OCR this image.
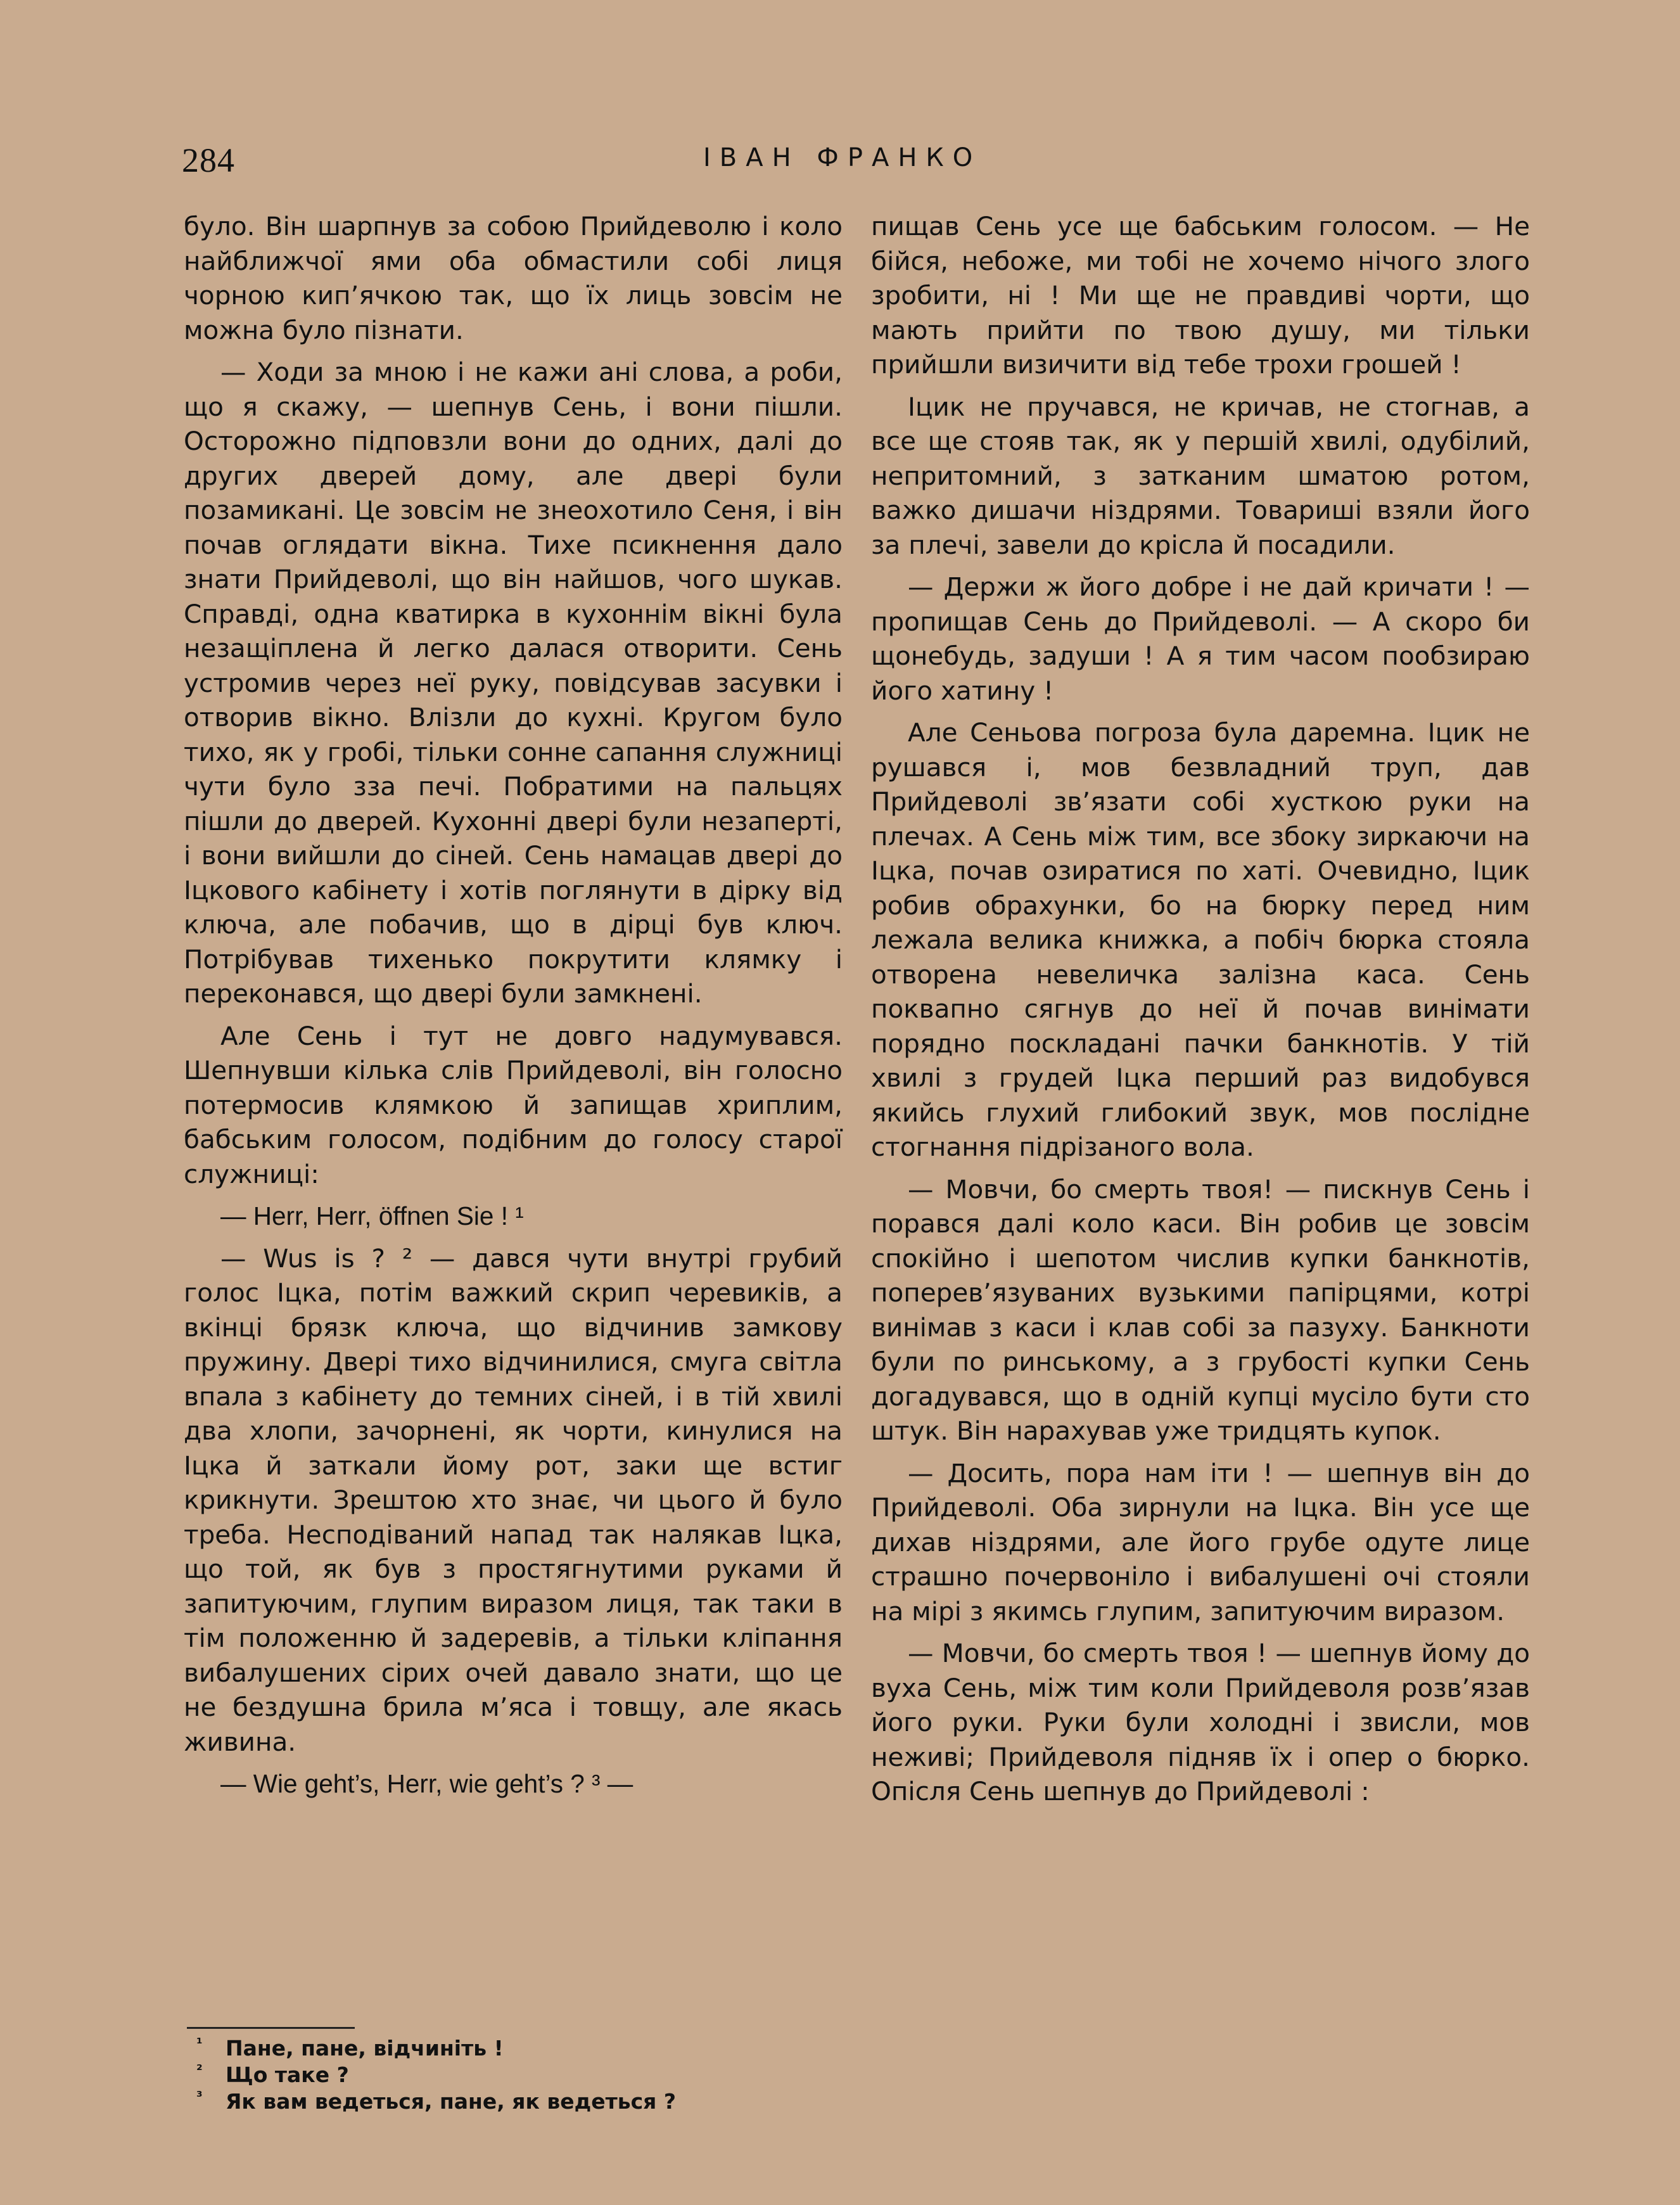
284	ІВАН ФРАНКО

було. Він шарпнув за собою Прийдеволю і коло найближчої ями оба обмастили собі лиця чорною кип’ячкою так, що їх лиць зовсім не можна було пізнати.

— Ходи за мною і не кажи ані слова, а роби, що я скажу, — шепнув Сень, і вони пішли. Осторожно підповзли вони до одних, далі до других дверей дому, але двері були позамикані. Це зовсім не знеохотило Сеня, і він почав оглядати вікна. Тихе псикнення дало знати Прийдеволі, що він найшов, чого шукав. Справді, одна кватирка в кухоннім вікні була незащіплена й легко далася отворити. Сень устромив через неї руку, повідсував засувки і отворив вікно. Влізли до кухні. Кругом було тихо, як у гробі, тільки сонне сапання служниці чути було зза печі. Побратими на пальцях пішли до дверей. Кухонні двері були незаперті, і вони вийшли до сіней. Сень намацав двері до Іцкового кабінету і хотів поглянути в дірку від ключа, але побачив, що в дірці був ключ. Потрібував тихенько покрутити клямку і переконався, що двері були замкнені.

Але Сень і тут не довго надумувався. Шепнувши кілька слів Прийдеволі, він голосно потермосив клямкою й запищав хриплим, бабським голосом, подібним до голосу старої служниці:

— Herr, Herr, öffnen Sie ! ¹

— Wus is ? ² — дався чути внутрі грубий голос Іцка, потім важкий скрип черевиків, а вкінці брязк ключа, що відчинив замкову пружину. Двері тихо відчинилися, смуга світла впала з кабінету до темних сіней, і в тій хвилі два хлопи, зачорнені, як чорти, кинулися на Іцка й заткали йому рот, заки ще встиг крикнути. Зрештою хто знає, чи цього й було треба. Несподіваний напад так налякав Іцка, що той, як був з простягнутими руками й запитуючим, глупим виразом лиця, так таки в тім положенню й задеревів, а тільки кліпання вибалушених сірих очей давало знати, що це не бездушна брила м’яса і товщу, але якась живина.

— Wie geht’s, Herr, wie geht’s ? ³ —

пищав Сень усе ще бабським голосом. — Не бійся, небоже, ми тобі не хочемо нічого злого зробити, ні ! Ми ще не правдиві чорти, що мають прийти по твою душу, ми тільки прийшли визичити від тебе трохи грошей !

Іцик не пручався, не кричав, не стогнав, а все ще стояв так, як у першій хвилі, одубілий, непритомний, з затканим шматою ротом, важко дишачи ніздрями. Товариші взяли його за плечі, завели до крісла й посадили.

— Держи ж його добре і не дай кричати ! — пропищав Сень до Прийдеволі. — А скоро би щонебудь, задуши ! А я тим часом пообзираю його хатину !

Але Сеньова погроза була даремна. Іцик не рушався і, мов безвладний труп, дав Прийдеволі зв’язати собі хусткою руки на плечах. А Сень між тим, все збоку зиркаючи на Іцка, почав озиратися по хаті. Очевидно, Іцик робив обрахунки, бо на бюрку перед ним лежала велика книжка, а побіч бюрка стояла отворена невеличка залізна каса. Сень поквапно сягнув до неї й почав винімати порядно поскладані пачки банкнотів. У тій хвилі з грудей Іцка перший раз видобувся якийсь глухий глибокий звук, мов послідне стогнання підрізаного вола.

— Мовчи, бо смерть твоя! — пискнув Сень і порався далі коло каси. Він робив це зовсім спокійно і шепотом числив купки банкнотів, поперев’язуваних вузькими папірцями, котрі винімав з каси і клав собі за пазуху. Банкноти були по ринському, а з грубості купки Сень догадувався, що в одній купці мусіло бути сто штук. Він нарахував уже тридцять купок.

— Досить, пора нам іти ! — шепнув він до Прийдеволі. Оба зирнули на Іцка. Він усе ще дихав ніздрями, але його грубе одуте лице страшно почервоніло і вибалушені очі стояли на мірі з якимсь глупим, запитуючим виразом.

— Мовчи, бо смерть твоя ! — шепнув йому до вуха Сень, між тим коли Прийдеволя розв’язав його руки. Руки були холодні і звисли, мов неживі; Прийдеволя підняв їх і опер о бюрко. Опісля Сень шепнув до Прийдеволі :

¹ Пане, пане, відчиніть !

² Що таке ?

³ Як вам ведеться, пане, як ведеться ?
